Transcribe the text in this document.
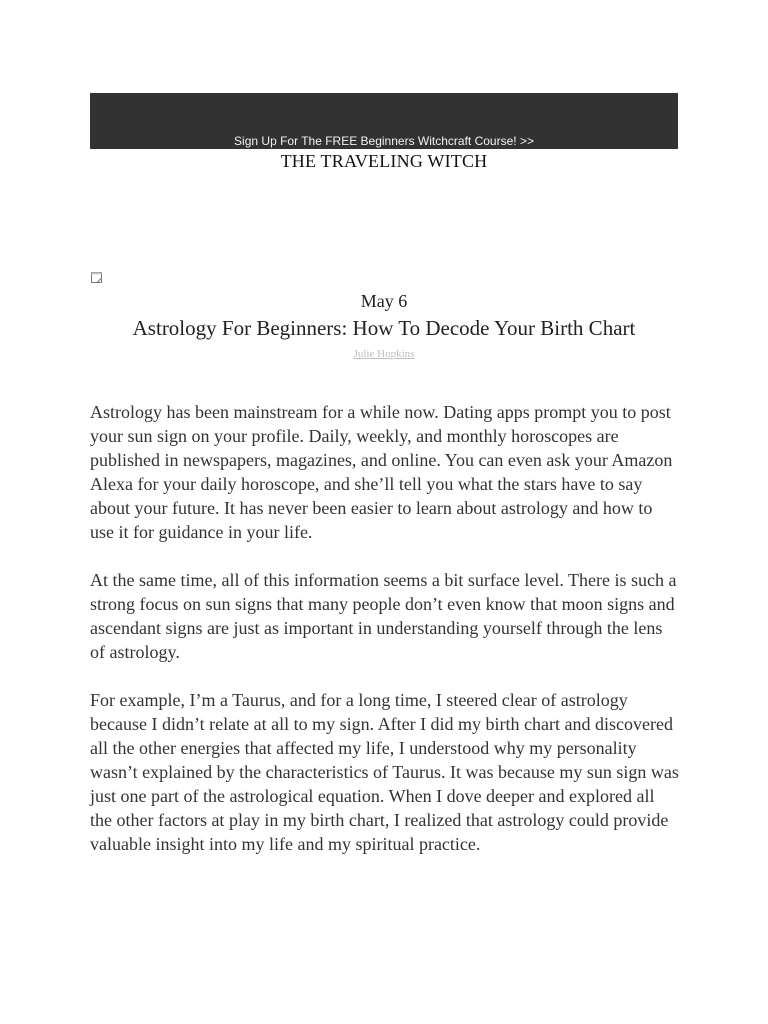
Sign Up For The FREE Beginners Witchcraft Course! >>
THE TRAVELING WITCH
May 6
Astrology For Beginners: How To Decode Your Birth Chart
Julie Hopkins

Astrology has been mainstream for a while now. Dating apps prompt you to post your sun sign on your profile. Daily, weekly, and monthly horoscopes are published in newspapers, magazines, and online. You can even ask your Amazon Alexa for your daily horoscope, and she’ll tell you what the stars have to say about your future. It has never been easier to learn about astrology and how to use it for guidance in your life.

At the same time, all of this information seems a bit surface level. There is such a strong focus on sun signs that many people don’t even know that moon signs and ascendant signs are just as important in understanding yourself through the lens of astrology.

For example, I’m a Taurus, and for a long time, I steered clear of astrology because I didn’t relate at all to my sign. After I did my birth chart and discovered all the other energies that affected my life, I understood why my personality wasn’t explained by the characteristics of Taurus. It was because my sun sign was just one part of the astrological equation. When I dove deeper and explored all the other factors at play in my birth chart, I realized that astrology could provide valuable insight into my life and my spiritual practice.
